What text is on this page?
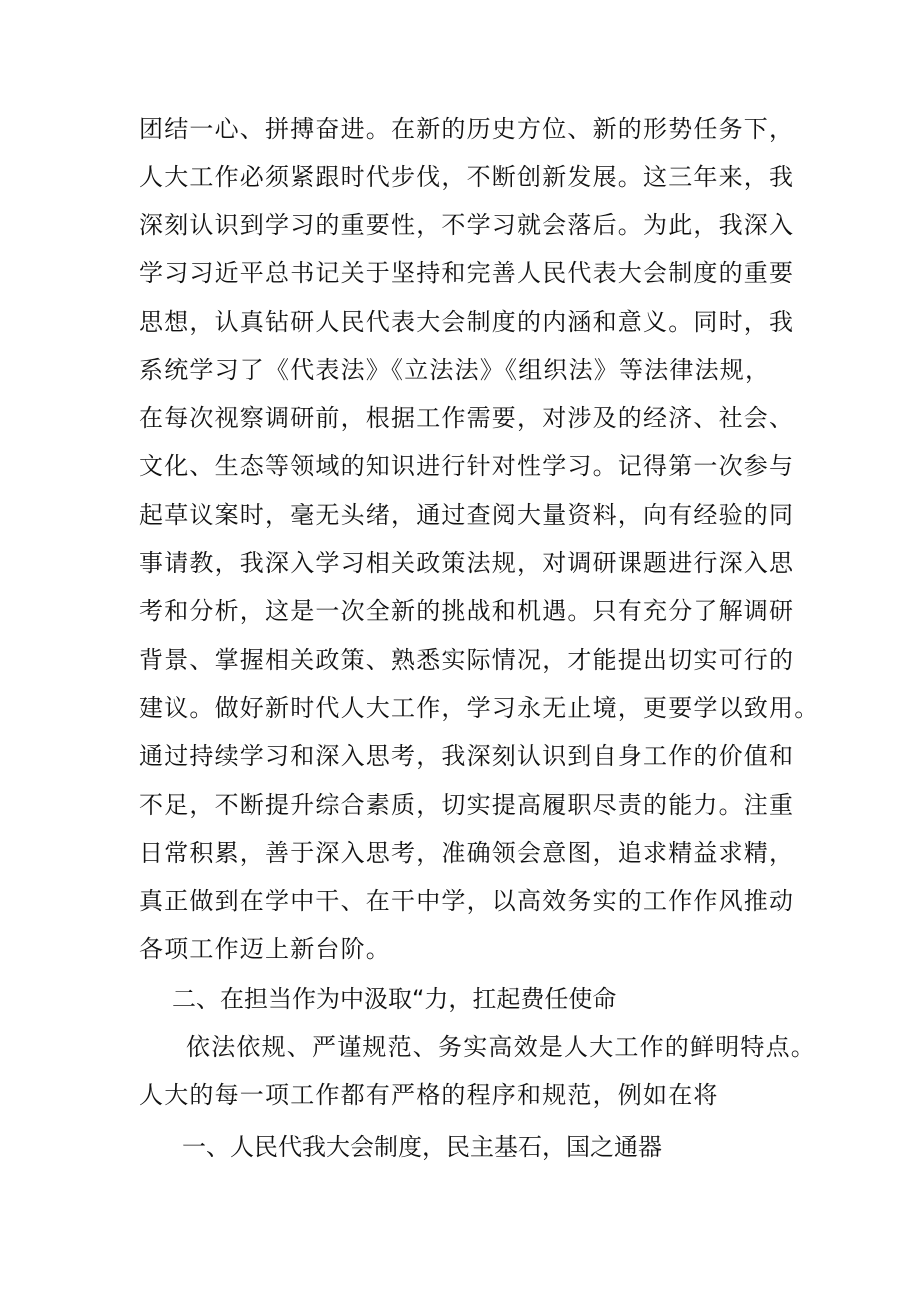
团结一心、拼搏奋进。在新的历史方位、新的形势任务下，
人大工作必须紧跟时代步伐，不断创新发展。这三年来，我
深刻认识到学习的重要性，不学习就会落后。为此，我深入
学习习近平总书记关于坚持和完善人民代表大会制度的重要
思想，认真钻研人民代表大会制度的内涵和意义。同时，我
系统学习了《代表法》《立法法》《组织法》等法律法规，
在每次视察调研前，根据工作需要，对涉及的经济、社会、
文化、生态等领域的知识进行针对性学习。记得第一次参与
起草议案时，毫无头绪，通过查阅大量资料，向有经验的同
事请教，我深入学习相关政策法规，对调研课题进行深入思
考和分析，这是一次全新的挑战和机遇。只有充分了解调研
背景、掌握相关政策、熟悉实际情况，才能提出切实可行的
建议。做好新时代人大工作，学习永无止境，更要学以致用。
通过持续学习和深入思考，我深刻认识到自身工作的价值和
不足，不断提升综合素质，切实提高履职尽责的能力。注重
日常积累，善于深入思考，准确领会意图，追求精益求精，
真正做到在学中干、在干中学，以高效务实的工作作风推动
各项工作迈上新台阶。
二、在担当作为中汲取“力，扛起费任使命
依法依规、严谨规范、务实高效是人大工作的鲜明特点。
人大的每一项工作都有严格的程序和规范，例如在将
一、人民代我大会制度，民主基石，国之通器
